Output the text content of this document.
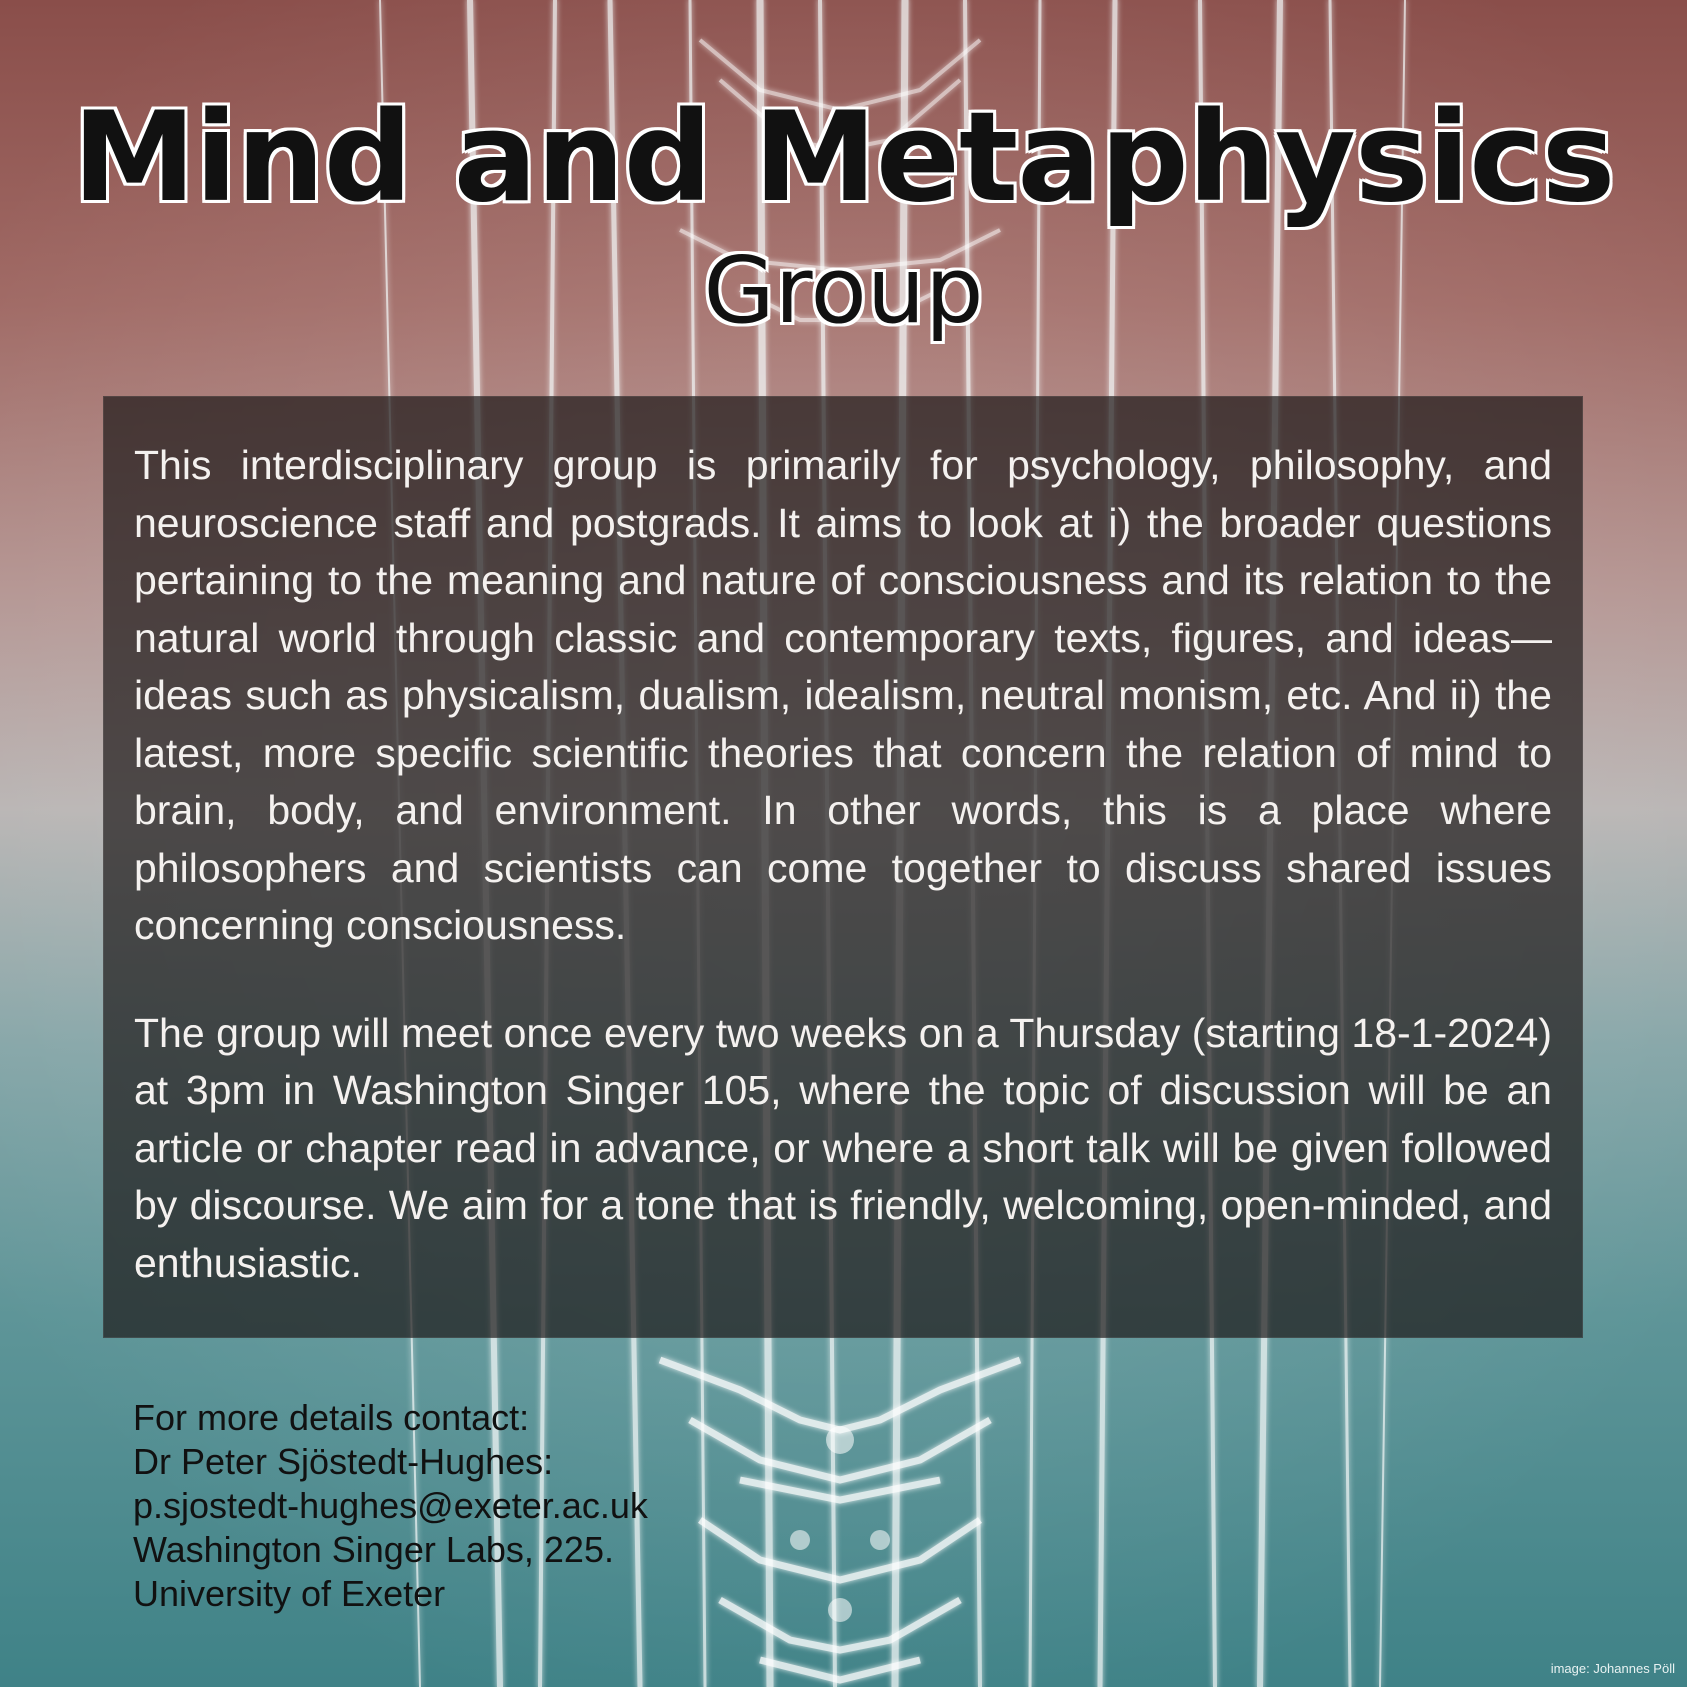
Mind and Metaphysics
Group

This interdisciplinary group is primarily for psychology, philosophy, and neuroscience staff and postgrads. It aims to look at i) the broader questions pertaining to the meaning and nature of consciousness and its relation to the natural world through classic and contemporary texts, figures, and ideas—ideas such as physicalism, dualism, idealism, neutral monism, etc. And ii) the latest, more specific scientific theories that concern the relation of mind to brain, body, and environment. In other words, this is a place where philosophers and scientists can come together to discuss shared issues concerning consciousness.

The group will meet once every two weeks on a Thursday (starting 18-1-2024) at 3pm in Washington Singer 105, where the topic of discussion will be an article or chapter read in advance, or where a short talk will be given followed by discourse. We aim for a tone that is friendly, welcoming, open-minded, and enthusiastic.

For more details contact:
Dr Peter Sjöstedt-Hughes:
p.sjostedt-hughes@exeter.ac.uk
Washington Singer Labs, 225.
University of Exeter
image: Johannes Pöll
